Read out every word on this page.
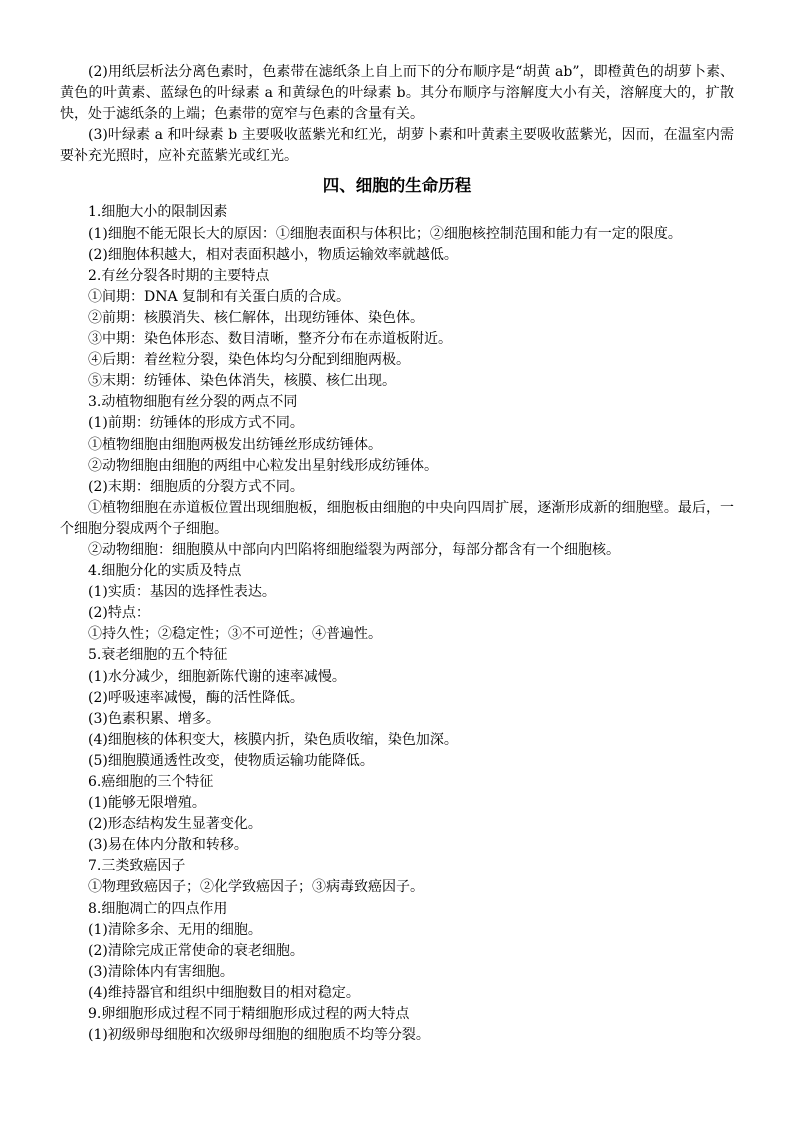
(2)用纸层析法分离色素时，色素带在滤纸条上自上而下的分布顺序是“胡黄 ab”，即橙黄色的胡萝卜素、黄色的叶黄素、蓝绿色的叶绿素 a 和黄绿色的叶绿素 b。其分布顺序与溶解度大小有关，溶解度大的，扩散快，处于滤纸条的上端；色素带的宽窄与色素的含量有关。

(3)叶绿素 a 和叶绿素 b 主要吸收蓝紫光和红光，胡萝卜素和叶黄素主要吸收蓝紫光，因而，在温室内需要补充光照时，应补充蓝紫光或红光。

四、细胞的生命历程

1.细胞大小的限制因素

(1)细胞不能无限长大的原因：①细胞表面积与体积比；②细胞核控制范围和能力有一定的限度。

(2)细胞体积越大，相对表面积越小，物质运输效率就越低。

2.有丝分裂各时期的主要特点

①间期：DNA 复制和有关蛋白质的合成。

②前期：核膜消失、核仁解体，出现纺锤体、染色体。

③中期：染色体形态、数目清晰，整齐分布在赤道板附近。

④后期：着丝粒分裂，染色体均匀分配到细胞两极。

⑤末期：纺锤体、染色体消失，核膜、核仁出现。

3.动植物细胞有丝分裂的两点不同

(1)前期：纺锤体的形成方式不同。

①植物细胞由细胞两极发出纺锤丝形成纺锤体。

②动物细胞由细胞的两组中心粒发出星射线形成纺锤体。

(2)末期：细胞质的分裂方式不同。

①植物细胞在赤道板位置出现细胞板，细胞板由细胞的中央向四周扩展，逐渐形成新的细胞壁。最后，一个细胞分裂成两个子细胞。

②动物细胞：细胞膜从中部向内凹陷将细胞缢裂为两部分，每部分都含有一个细胞核。

4.细胞分化的实质及特点

(1)实质：基因的选择性表达。

(2)特点：

①持久性；②稳定性；③不可逆性；④普遍性。

5.衰老细胞的五个特征

(1)水分减少，细胞新陈代谢的速率减慢。

(2)呼吸速率减慢，酶的活性降低。

(3)色素积累、增多。

(4)细胞核的体积变大，核膜内折，染色质收缩，染色加深。

(5)细胞膜通透性改变，使物质运输功能降低。

6.癌细胞的三个特征

(1)能够无限增殖。

(2)形态结构发生显著变化。

(3)易在体内分散和转移。

7.三类致癌因子

①物理致癌因子；②化学致癌因子；③病毒致癌因子。

8.细胞凋亡的四点作用

(1)清除多余、无用的细胞。

(2)清除完成正常使命的衰老细胞。

(3)清除体内有害细胞。

(4)维持器官和组织中细胞数目的相对稳定。

9.卵细胞形成过程不同于精细胞形成过程的两大特点

(1)初级卵母细胞和次级卵母细胞的细胞质不均等分裂。
